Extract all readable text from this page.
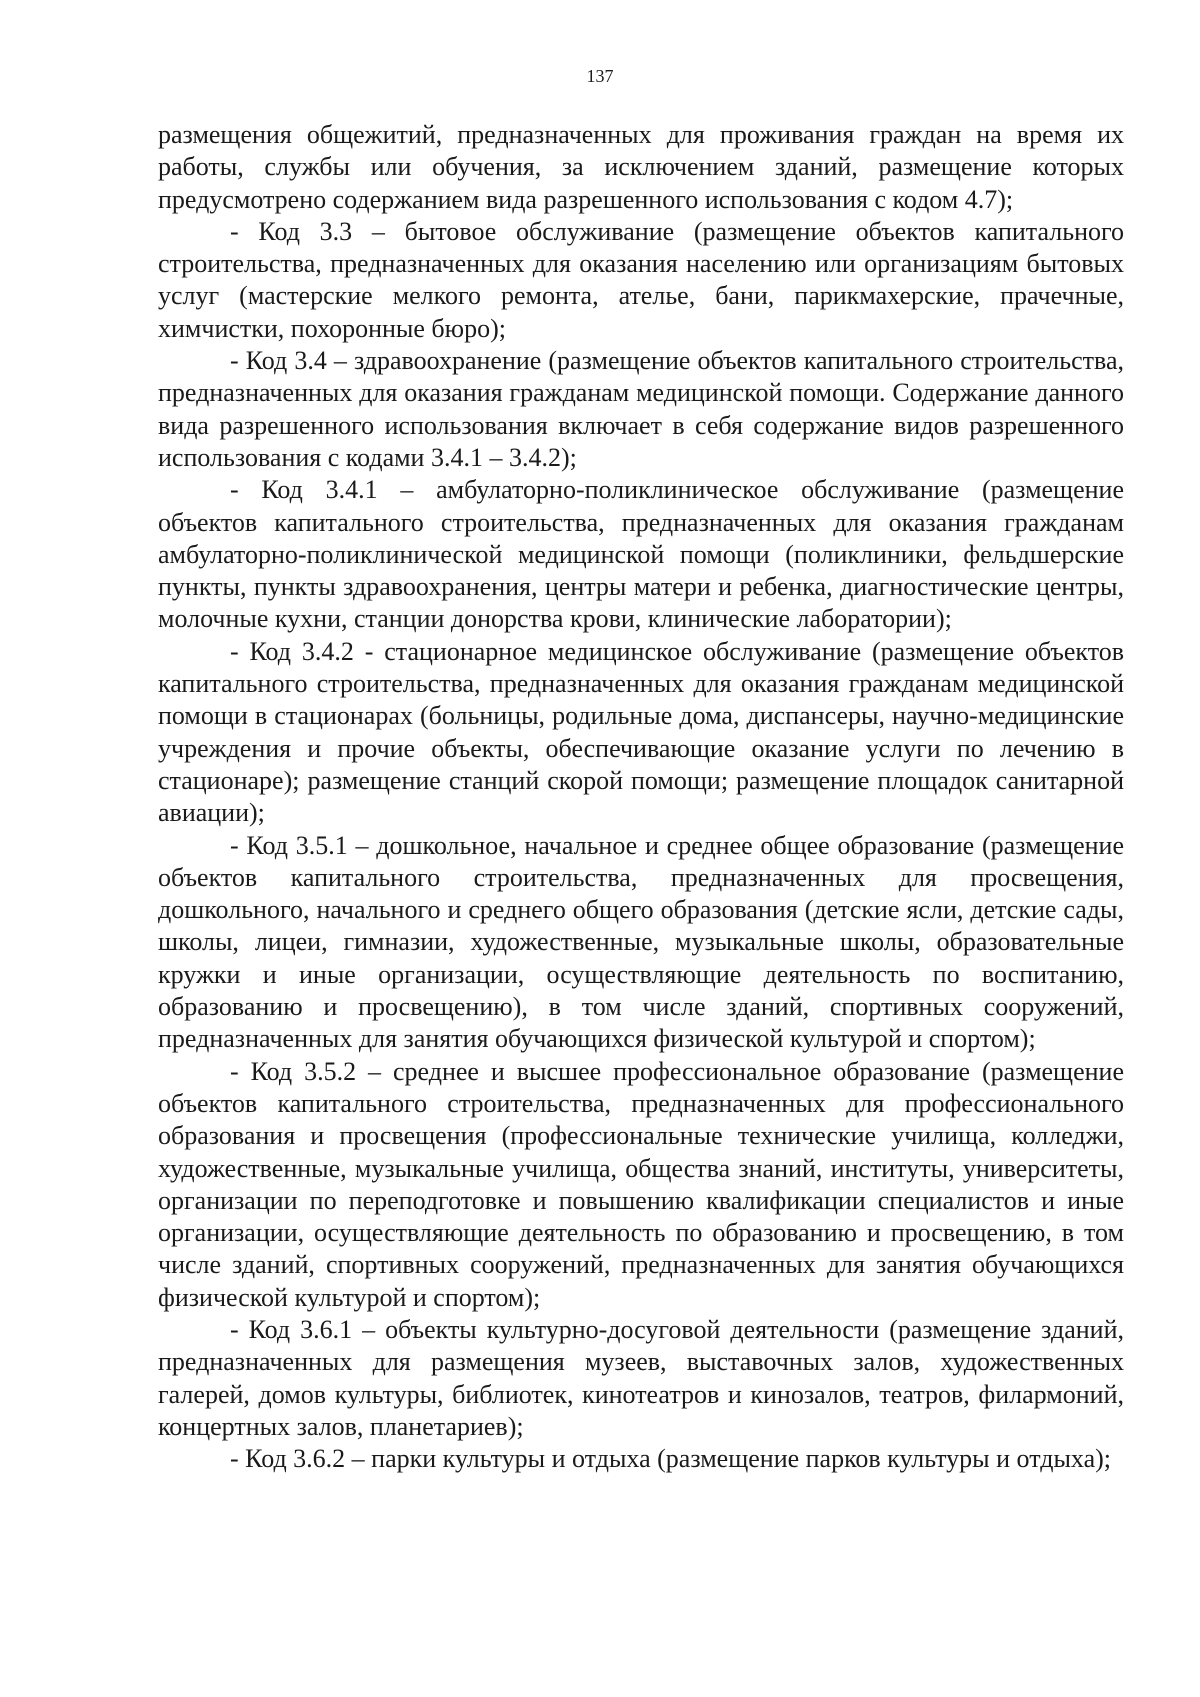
137

размещения общежитий, предназначенных для проживания граждан на время их работы, службы или обучения, за исключением зданий, размещение которых предусмотрено содержанием вида разрешенного использования с кодом 4.7);

- Код 3.3 – бытовое обслуживание (размещение объектов капитального строительства, предназначенных для оказания населению или организациям бытовых услуг (мастерские мелкого ремонта, ателье, бани, парикмахерские, прачечные, химчистки, похоронные бюро);

- Код 3.4 – здравоохранение (размещение объектов капитального строительства, предназначенных для оказания гражданам медицинской помощи. Содержание данного вида разрешенного использования включает в себя содержание видов разрешенного использования с кодами 3.4.1 – 3.4.2);

- Код 3.4.1 – амбулаторно-поликлиническое обслуживание (размещение объектов капитального строительства, предназначенных для оказания гражданам амбулаторно-поликлинической медицинской помощи (поликлиники, фельдшерские пункты, пункты здравоохранения, центры матери и ребенка, диагностические центры, молочные кухни, станции донорства крови, клинические лаборатории);

- Код 3.4.2 - стационарное медицинское обслуживание (размещение объектов капитального строительства, предназначенных для оказания гражданам медицинской помощи в стационарах (больницы, родильные дома, диспансеры, научно-медицинские учреждения и прочие объекты, обеспечивающие оказание услуги по лечению в стационаре); размещение станций скорой помощи; размещение площадок санитарной авиации);

- Код 3.5.1 – дошкольное, начальное и среднее общее образование (размещение объектов капитального строительства, предназначенных для просвещения, дошкольного, начального и среднего общего образования (детские ясли, детские сады, школы, лицеи, гимназии, художественные, музыкальные школы, образовательные кружки и иные организации, осуществляющие деятельность по воспитанию, образованию и просвещению), в том числе зданий, спортивных сооружений, предназначенных для занятия обучающихся физической культурой и спортом);

- Код 3.5.2 – среднее и высшее профессиональное образование (размещение объектов капитального строительства, предназначенных для профессионального образования и просвещения (профессиональные технические училища, колледжи, художественные, музыкальные училища, общества знаний, институты, университеты, организации по переподготовке и повышению квалификации специалистов и иные организации, осуществляющие деятельность по образованию и просвещению, в том числе зданий, спортивных сооружений, предназначенных для занятия обучающихся физической культурой и спортом);

- Код 3.6.1 – объекты культурно-досуговой деятельности (размещение зданий, предназначенных для размещения музеев, выставочных залов, художественных галерей, домов культуры, библиотек, кинотеатров и кинозалов, театров, филармоний, концертных залов, планетариев);

- Код 3.6.2 – парки культуры и отдыха (размещение парков культуры и отдыха);
